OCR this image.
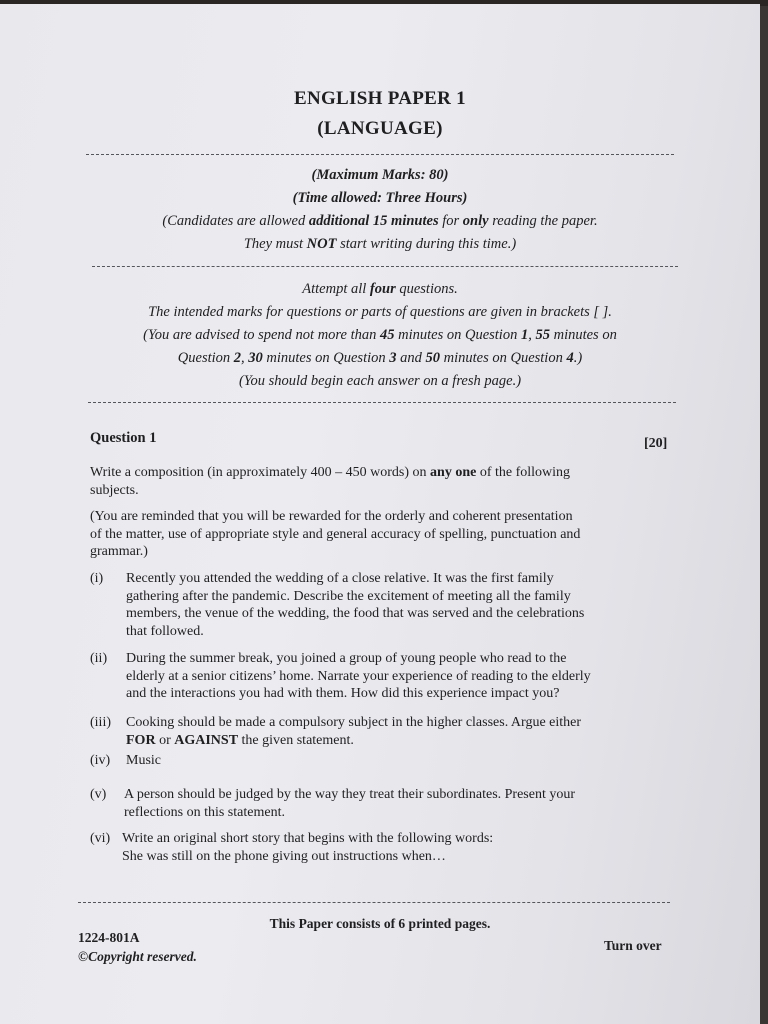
ENGLISH PAPER 1
(LANGUAGE)
(Maximum Marks: 80)
(Time allowed: Three Hours)
(Candidates are allowed additional 15 minutes for only reading the paper.
They must NOT start writing during this time.)
Attempt all four questions.
The intended marks for questions or parts of questions are given in brackets [ ].
(You are advised to spend not more than 45 minutes on Question 1, 55 minutes on
Question 2, 30 minutes on Question 3 and 50 minutes on Question 4.)
(You should begin each answer on a fresh page.)
Question 1	[20]
Write a composition (in approximately 400 – 450 words) on any one of the following
subjects.
(You are reminded that you will be rewarded for the orderly and coherent presentation
of the matter, use of appropriate style and general accuracy of spelling, punctuation and
grammar.)
(i) Recently you attended the wedding of a close relative. It was the first family
gathering after the pandemic. Describe the excitement of meeting all the family
members, the venue of the wedding, the food that was served and the celebrations
that followed.
(ii) During the summer break, you joined a group of young people who read to the
elderly at a senior citizens’ home. Narrate your experience of reading to the elderly
and the interactions you had with them. How did this experience impact you?
(iii) Cooking should be made a compulsory subject in the higher classes. Argue either
FOR or AGAINST the given statement.
(iv) Music
(v) A person should be judged by the way they treat their subordinates. Present your
reflections on this statement.
(vi) Write an original short story that begins with the following words:
She was still on the phone giving out instructions when…
This Paper consists of 6 printed pages.
1224-801A
©Copyright reserved.
Turn over
